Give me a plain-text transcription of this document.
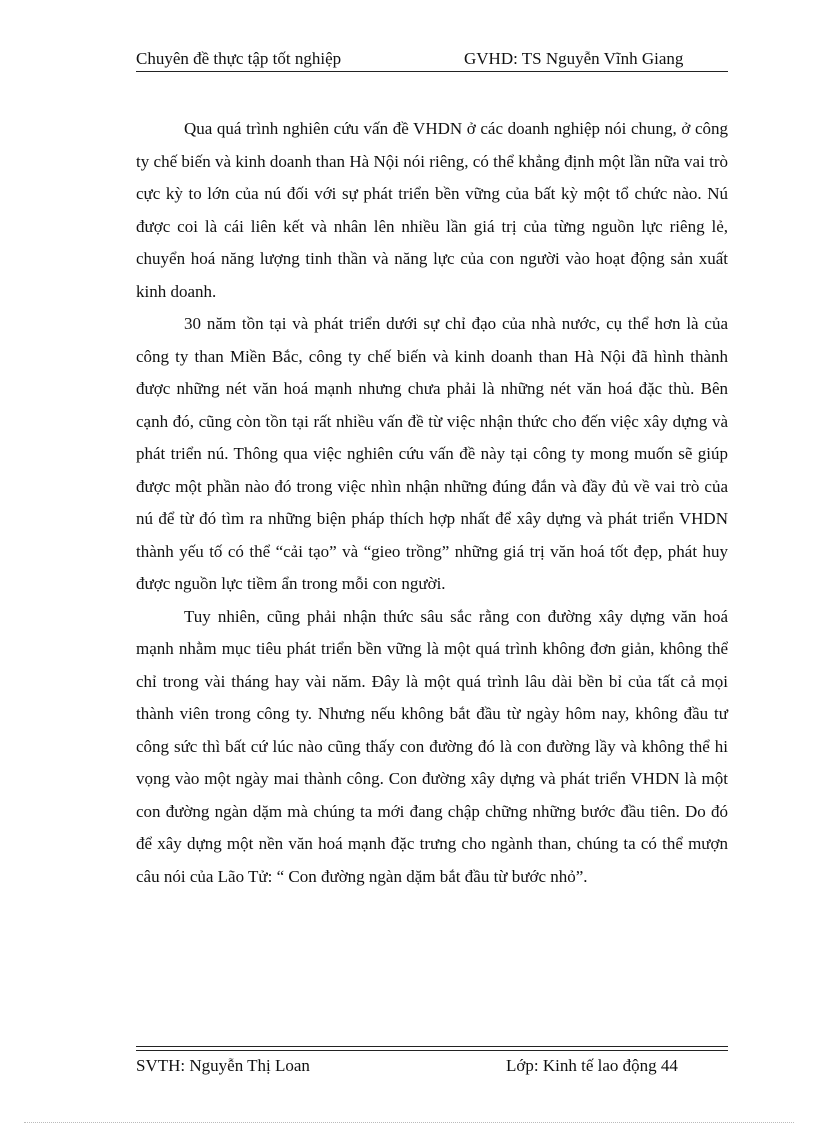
Chuyên đề thực tập tốt nghiệp	GVHD: TS Nguyễn Vĩnh Giang

Qua quá trình nghiên cứu vấn đề VHDN ở các doanh nghiệp nói chung, ở công ty chế biến và kinh doanh than Hà Nội nói riêng, có thể khẳng định một lần nữa vai trò cực kỳ to lớn của nú đối với sự phát triển bền vững của bất kỳ một tổ chức nào. Nú được coi là cái liên kết và nhân lên nhiều lần giá trị của từng nguồn lực riêng lẻ, chuyển hoá năng lượng tinh thần và năng lực của con người vào hoạt động sản xuất kinh doanh.

30 năm tồn tại và phát triển dưới sự chỉ đạo của nhà nước, cụ thể hơn là của công ty than Miền Bắc, công ty chế biến và kinh doanh than Hà Nội đã hình thành được những nét văn hoá mạnh nhưng chưa phải là những nét văn hoá đặc thù. Bên cạnh đó, cũng còn tồn tại rất nhiều vấn đề từ việc nhận thức cho đến việc xây dựng và phát triển nú. Thông qua việc nghiên cứu vấn đề này tại công ty mong muốn sẽ giúp được một phần nào đó trong việc nhìn nhận những đúng đắn và đầy đủ về vai trò của nú để từ đó tìm ra những biện pháp thích hợp nhất để xây dựng và phát triển VHDN thành yếu tố có thể “cải tạo” và “gieo trồng” những giá trị văn hoá tốt đẹp, phát huy được nguồn lực tiềm ẩn trong mỗi con người.

Tuy nhiên, cũng phải nhận thức sâu sắc rằng con đường xây dựng văn hoá mạnh nhằm mục tiêu phát triển bền vững là một quá trình không đơn giản, không thể chỉ trong vài tháng hay vài năm. Đây là một quá trình lâu dài bền bỉ của tất cả mọi thành viên trong công ty. Nhưng nếu không bắt đầu từ ngày hôm nay, không đầu tư công sức thì bất cứ lúc nào cũng thấy con đường đó là con đường lầy và không thể hi vọng vào một ngày mai thành công. Con đường xây dựng và phát triển VHDN là một con đường ngàn dặm mà chúng ta mới đang chập chững những bước đầu tiên. Do đó để xây dựng một nền văn hoá mạnh đặc trưng cho ngành than, chúng ta có thể mượn câu nói của Lão Tử: “ Con đường ngàn dặm bắt đầu từ bước nhỏ”.

SVTH: Nguyễn Thị Loan	Lớp: Kinh tế lao động 44
